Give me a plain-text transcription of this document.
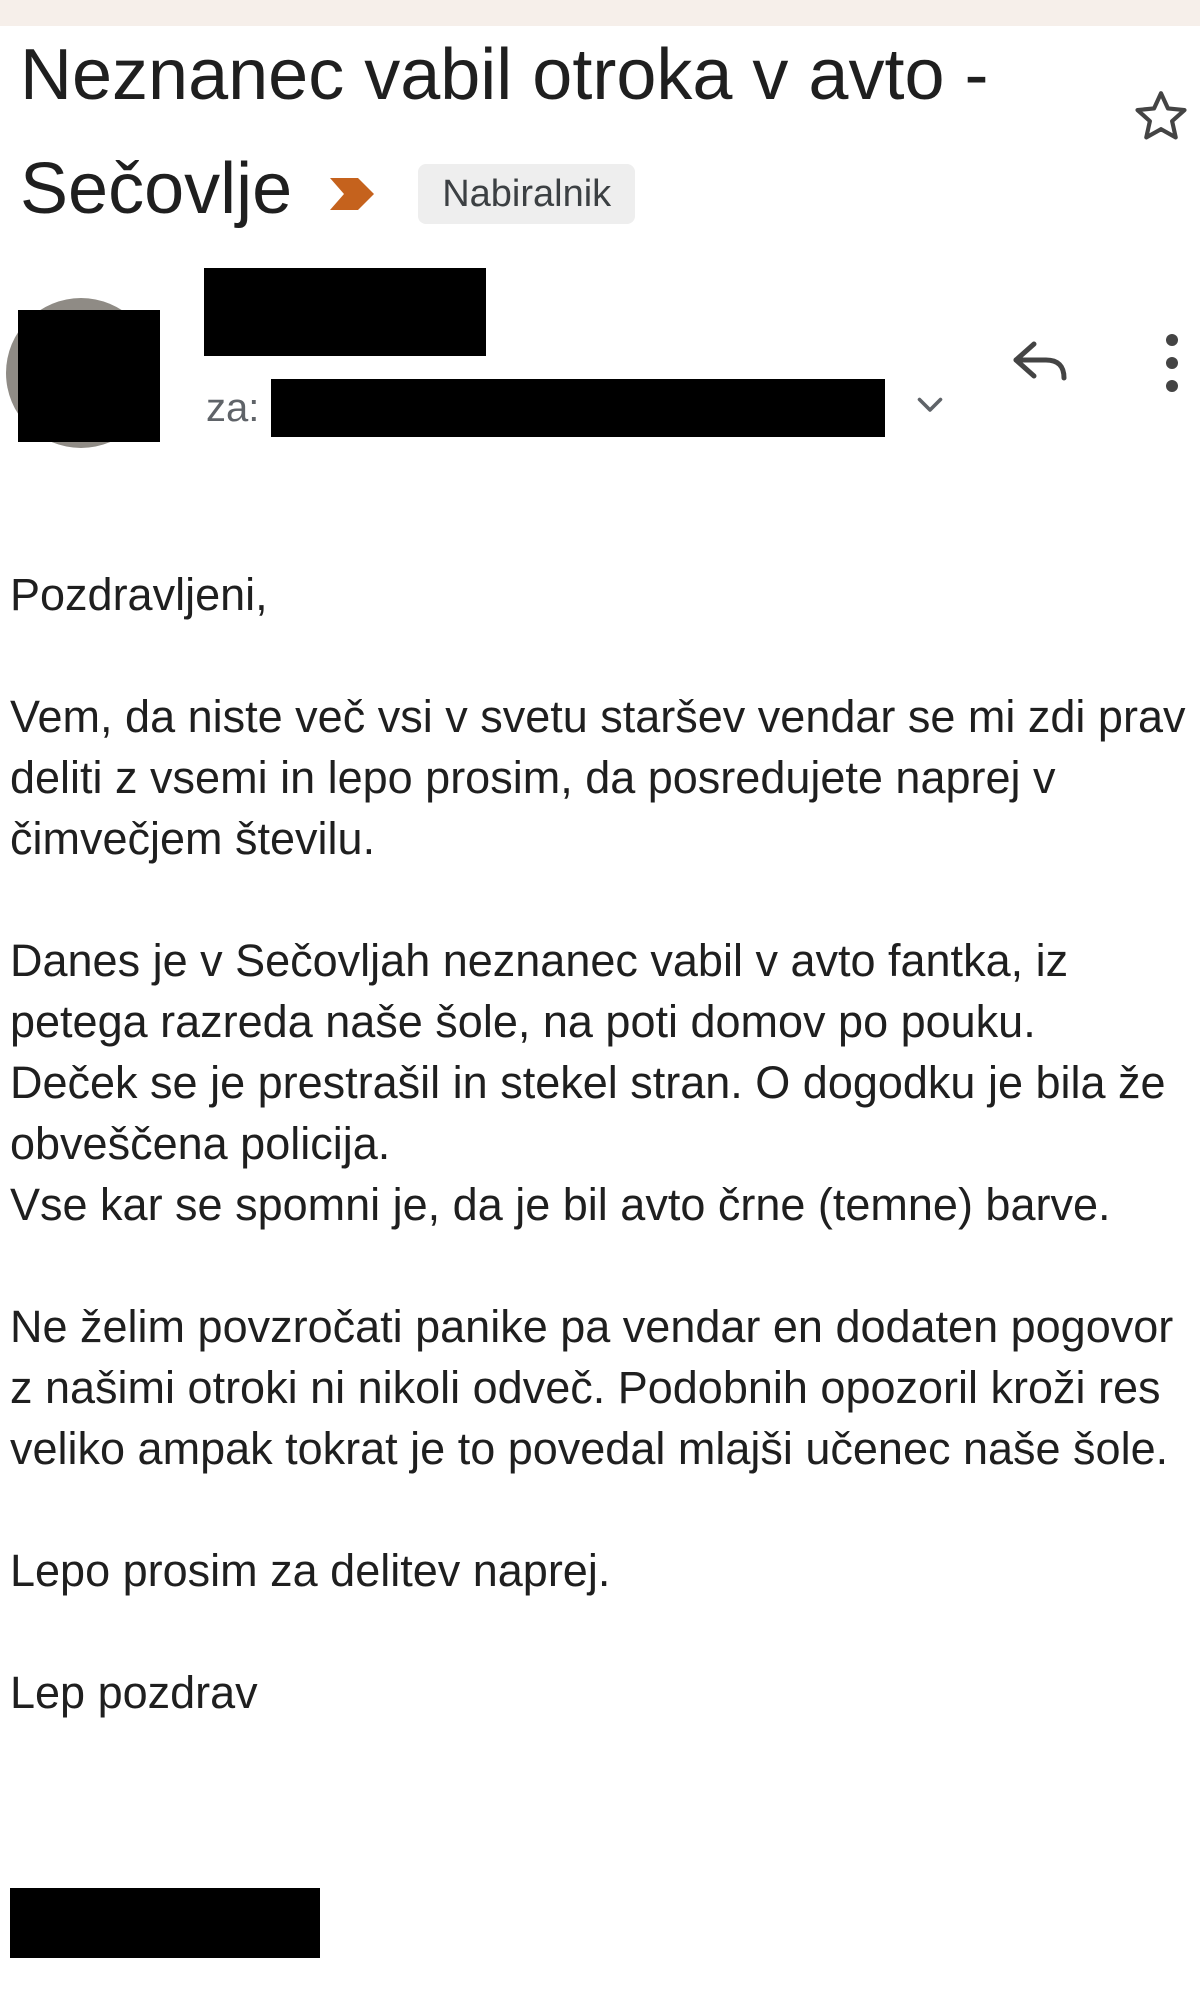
Neznanec vabil otroka v avto - Sečovlje	Nabiralnik
za:

Pozdravljeni,

Vem, da niste več vsi v svetu staršev vendar se mi zdi prav deliti z vsemi in lepo prosim, da posredujete naprej v čimvečjem številu.

Danes je v Sečovljah neznanec vabil v avto fantka, iz petega razreda naše šole, na poti domov po pouku.

Deček se je prestrašil in stekel stran. O dogodku je bila že obveščena policija.

Vse kar se spomni je, da je bil avto črne (temne) barve.

Ne želim povzročati panike pa vendar en dodaten pogovor z našimi otroki ni nikoli odveč. Podobnih opozoril kroži res veliko ampak tokrat je to povedal mlajši učenec naše šole.

Lepo prosim za delitev naprej.

Lep pozdrav
